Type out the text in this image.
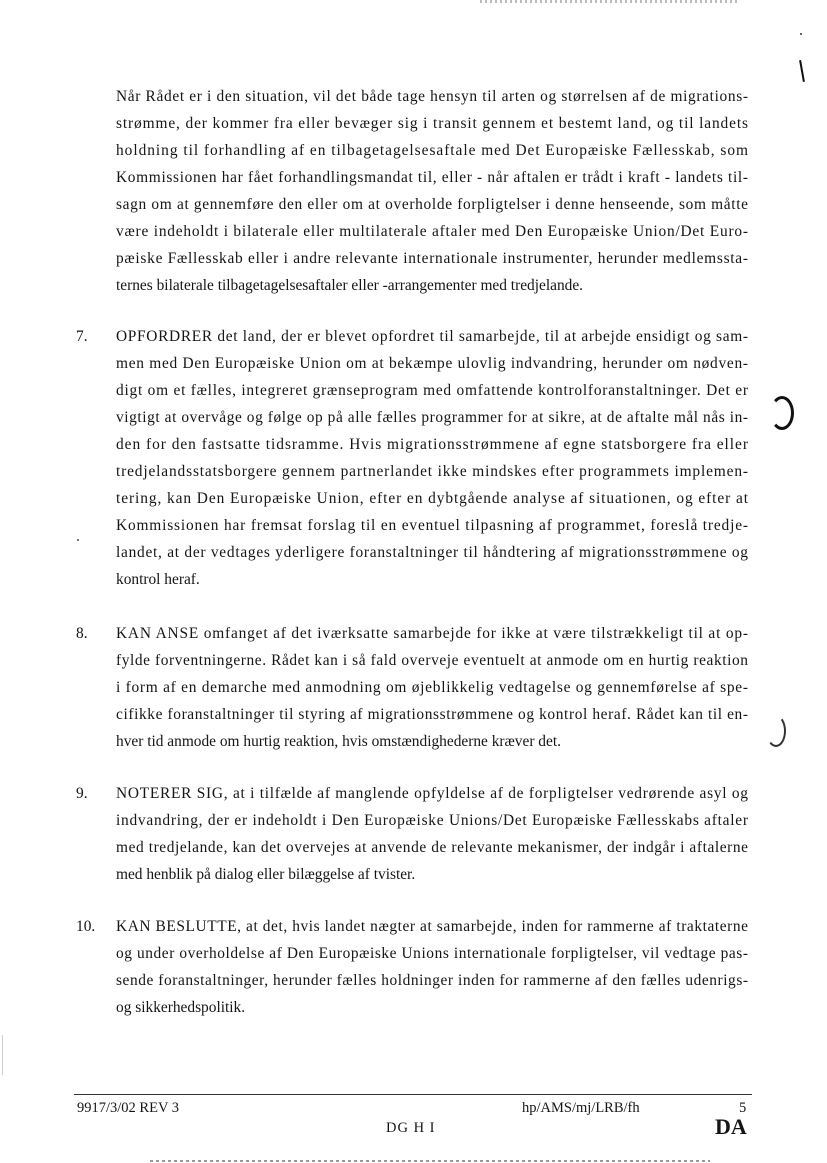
Når Rådet er i den situation, vil det både tage hensyn til arten og størrelsen af de migrations-
strømme, der kommer fra eller bevæger sig i transit gennem et bestemt land, og til landets
holdning til forhandling af en tilbagetagelsesaftale med Det Europæiske Fællesskab, som
Kommissionen har fået forhandlingsmandat til, eller - når aftalen er trådt i kraft - landets til-
sagn om at gennemføre den eller om at overholde forpligtelser i denne henseende, som måtte
være indeholdt i bilaterale eller multilaterale aftaler med Den Europæiske Union/Det Euro-
pæiske Fællesskab eller i andre relevante internationale instrumenter, herunder medlemssta-
ternes bilaterale tilbagetagelsesaftaler eller -arrangementer med tredjelande.
7. OPFORDRER det land, der er blevet opfordret til samarbejde, til at arbejde ensidigt og sam-
men med Den Europæiske Union om at bekæmpe ulovlig indvandring, herunder om nødven-
digt om et fælles, integreret grænseprogram med omfattende kontrolforanstaltninger. Det er
vigtigt at overvåge og følge op på alle fælles programmer for at sikre, at de aftalte mål nås in-
den for den fastsatte tidsramme. Hvis migrationsstrømmene af egne statsborgere fra eller
tredjelandsstatsborgere gennem partnerlandet ikke mindskes efter programmets implemen-
tering, kan Den Europæiske Union, efter en dybtgående analyse af situationen, og efter at
Kommissionen har fremsat forslag til en eventuel tilpasning af programmet, foreslå tredje-
landet, at der vedtages yderligere foranstaltninger til håndtering af migrationsstrømmene og
kontrol heraf.
8. KAN ANSE omfanget af det iværksatte samarbejde for ikke at være tilstrækkeligt til at op-
fylde forventningerne. Rådet kan i så fald overveje eventuelt at anmode om en hurtig reaktion
i form af en demarche med anmodning om øjeblikkelig vedtagelse og gennemførelse af spe-
cifikke foranstaltninger til styring af migrationsstrømmene og kontrol heraf. Rådet kan til en-
hver tid anmode om hurtig reaktion, hvis omstændighederne kræver det.
9. NOTERER SIG, at i tilfælde af manglende opfyldelse af de forpligtelser vedrørende asyl og
indvandring, der er indeholdt i Den Europæiske Unions/Det Europæiske Fællesskabs aftaler
med tredjelande, kan det overvejes at anvende de relevante mekanismer, der indgår i aftalerne
med henblik på dialog eller bilæggelse af tvister.
10. KAN BESLUTTE, at det, hvis landet nægter at samarbejde, inden for rammerne af traktaterne
og under overholdelse af Den Europæiske Unions internationale forpligtelser, vil vedtage pas-
sende foranstaltninger, herunder fælles holdninger inden for rammerne af den fælles udenrigs-
og sikkerhedspolitik.
9917/3/02 REV 3	hp/AMS/mj/LRB/fh	5
DG H I	DA
